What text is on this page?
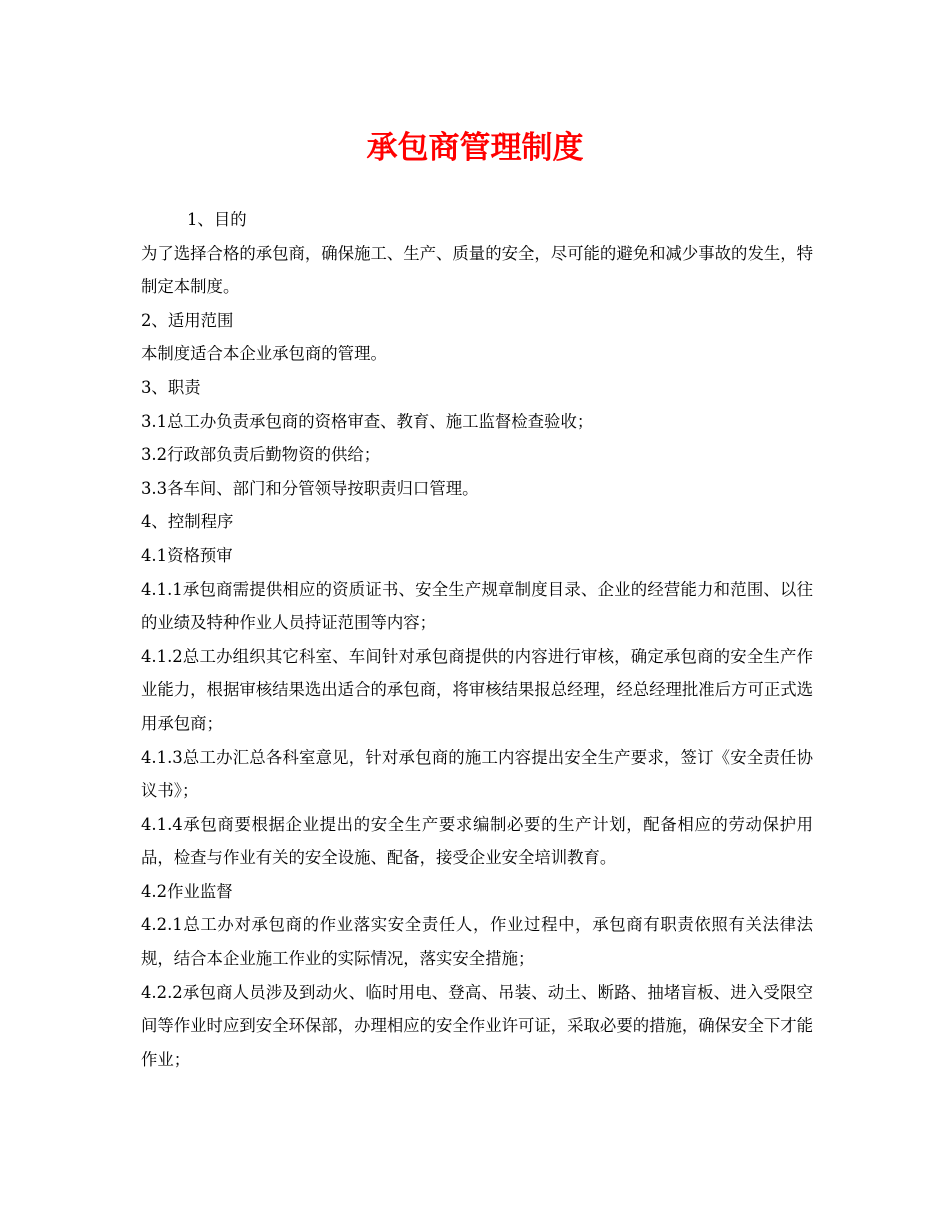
承包商管理制度

1、目的

为了选择合格的承包商，确保施工、生产、质量的安全，尽可能的避免和减少事故的发生，特制定本制度。

2、适用范围

本制度适合本企业承包商的管理。

3、职责

3.1总工办负责承包商的资格审查、教育、施工监督检查验收；

3.2行政部负责后勤物资的供给；

3.3各车间、部门和分管领导按职责归口管理。

4、控制程序

4.1资格预审

4.1.1承包商需提供相应的资质证书、安全生产规章制度目录、企业的经营能力和范围、以往的业绩及特种作业人员持证范围等内容；

4.1.2总工办组织其它科室、车间针对承包商提供的内容进行审核，确定承包商的安全生产作业能力，根据审核结果选出适合的承包商，将审核结果报总经理，经总经理批准后方可正式选用承包商；

4.1.3总工办汇总各科室意见，针对承包商的施工内容提出安全生产要求，签订《安全责任协议书》；

4.1.4承包商要根据企业提出的安全生产要求编制必要的生产计划，配备相应的劳动保护用品，检查与作业有关的安全设施、配备，接受企业安全培训教育。

4.2作业监督

4.2.1总工办对承包商的作业落实安全责任人，作业过程中，承包商有职责依照有关法律法规，结合本企业施工作业的实际情况，落实安全措施；

4.2.2承包商人员涉及到动火、临时用电、登高、吊装、动土、断路、抽堵盲板、进入受限空间等作业时应到安全环保部，办理相应的安全作业许可证，采取必要的措施，确保安全下才能作业；
